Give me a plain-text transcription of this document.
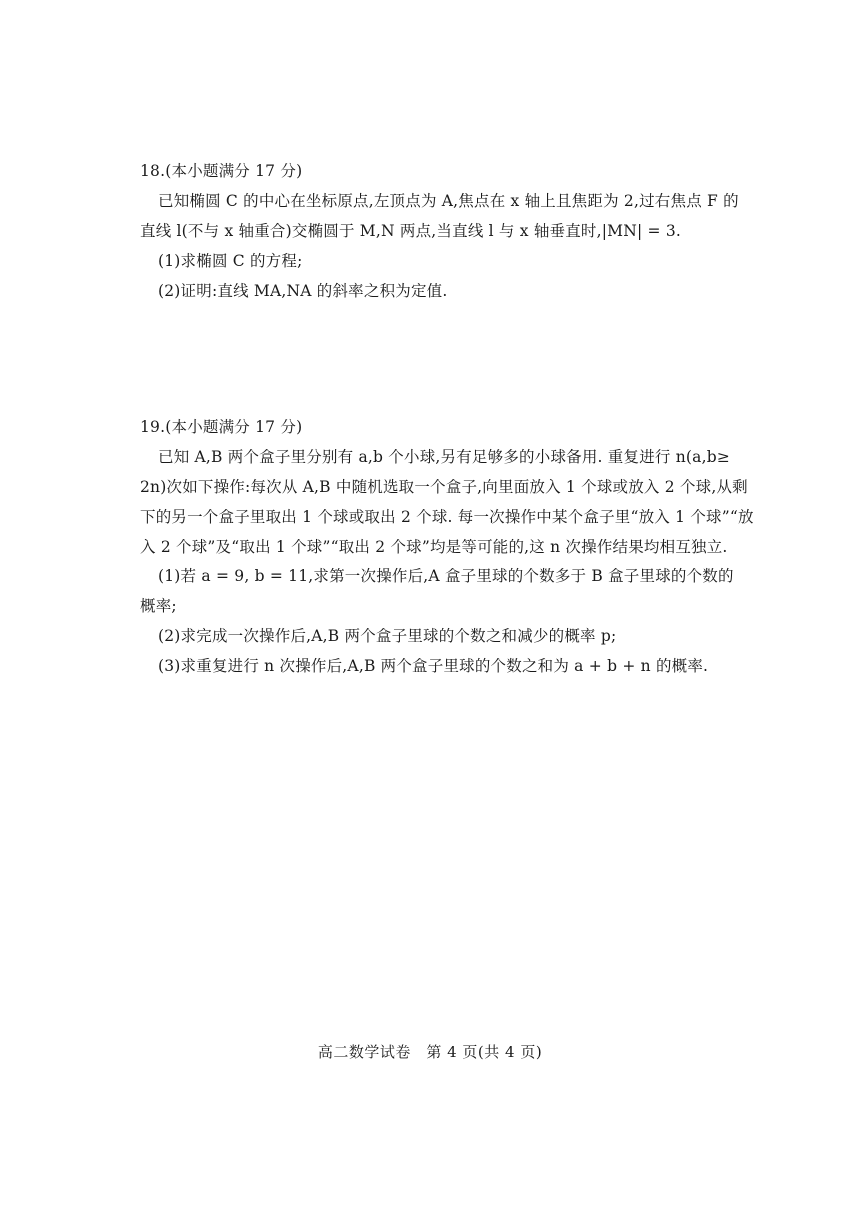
18.(本小题满分 17 分)
已知椭圆 C 的中心在坐标原点,左顶点为 A,焦点在 x 轴上且焦距为 2,过右焦点 F 的
直线 l(不与 x 轴重合)交椭圆于 M,N 两点,当直线 l 与 x 轴垂直时,|MN| = 3.
(1)求椭圆 C 的方程;
(2)证明:直线 MA,NA 的斜率之积为定值.
19.(本小题满分 17 分)
已知 A,B 两个盒子里分别有 a,b 个小球,另有足够多的小球备用. 重复进行 n(a,b≥
2n)次如下操作:每次从 A,B 中随机选取一个盒子,向里面放入 1 个球或放入 2 个球,从剩
下的另一个盒子里取出 1 个球或取出 2 个球. 每一次操作中某个盒子里“放入 1 个球”“放
入 2 个球”及“取出 1 个球”“取出 2 个球”均是等可能的,这 n 次操作结果均相互独立.
(1)若 a = 9, b = 11,求第一次操作后,A 盒子里球的个数多于 B 盒子里球的个数的
概率;
(2)求完成一次操作后,A,B 两个盒子里球的个数之和减少的概率 p;
(3)求重复进行 n 次操作后,A,B 两个盒子里球的个数之和为 a + b + n 的概率.
高二数学试卷　第 4 页(共 4 页)
